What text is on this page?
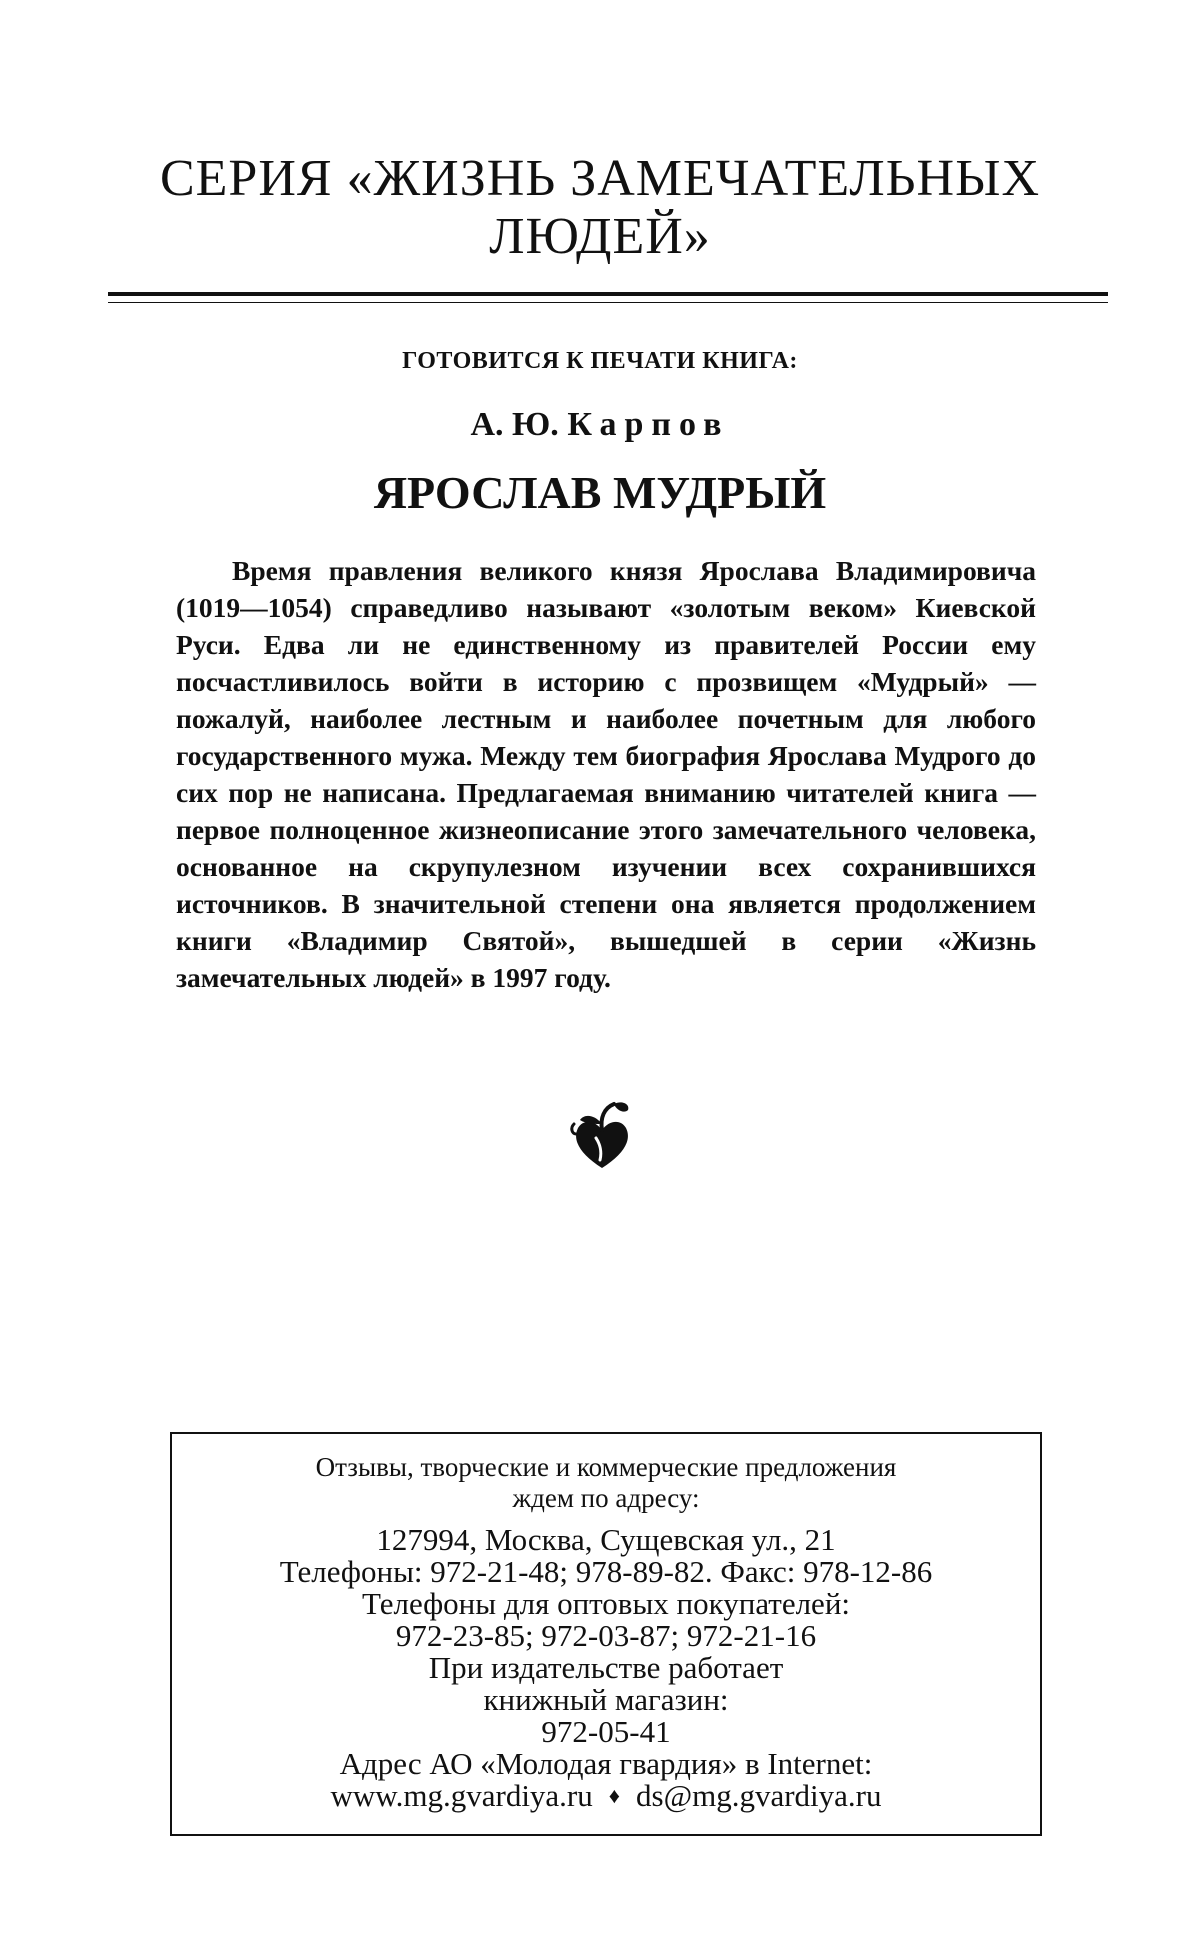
СЕРИЯ «ЖИЗНЬ ЗАМЕЧАТЕЛЬНЫХ
ЛЮДЕЙ»

ГОТОВИТСЯ К ПЕЧАТИ КНИГА:

А. Ю. Карпов

ЯРОСЛАВ МУДРЫЙ

Время правления великого князя Ярослава Владимировича (1019—1054) справедливо называют «золотым веком» Киевской Руси. Едва ли не единственному из правителей России ему посчастливилось войти в историю с прозвищем «Мудрый» — пожалуй, наиболее лестным и наиболее почетным для любого государственного мужа. Между тем биография Ярослава Мудрого до сих пор не написана. Предлагаемая вниманию читателей книга — первое полноценное жизнеописание этого замечательного человека, основанное на скрупулезном изучении всех сохранившихся источников. В значительной степени она является продолжением книги «Владимир Святой», вышедшей в серии «Жизнь замечательных людей» в 1997 году.

Отзывы, творческие и коммерческие предложения

ждем по адресу:

127994, Москва, Сущевская ул., 21

Телефоны: 972-21-48; 978-89-82. Факс: 978-12-86

Телефоны для оптовых покупателей:

972-23-85; 972-03-87; 972-21-16

При издательстве работает

книжный магазин:

972-05-41

Адрес АО «Молодая гвардия» в Internet:

www.mg.gvardiya.ru ♦ ds@mg.gvardiya.ru
